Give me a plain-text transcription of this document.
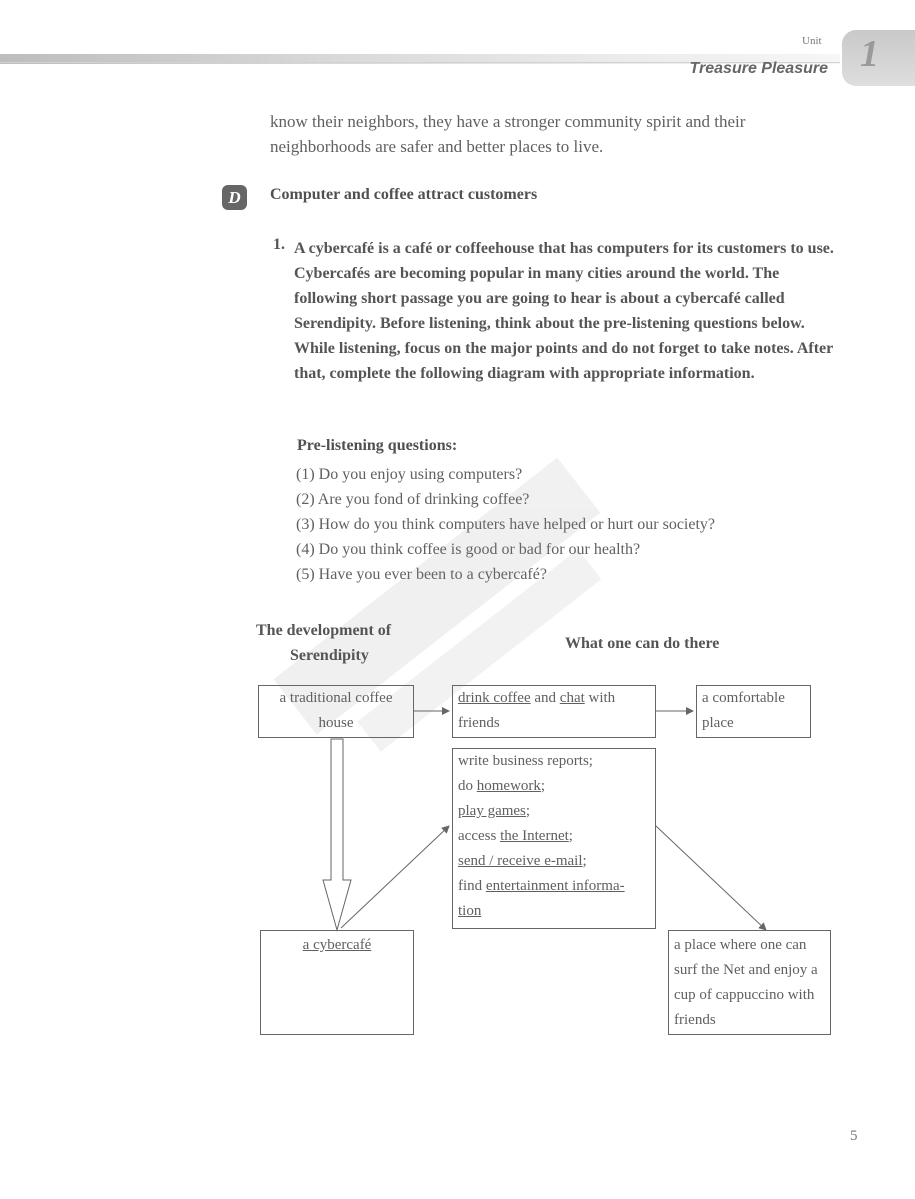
Unit
Treasure Pleasure 1
know their neighbors, they have a stronger community spirit and their neighborhoods are safer and better places to live.
D	Computer and coffee attract customers
1. A cybercafé is a café or coffeehouse that has computers for its customers to use. Cybercafés are becoming popular in many cities around the world. The following short passage you are going to hear is about a cybercafé called Serendipity. Before listening, think about the pre-listening questions below. While listening, focus on the major points and do not forget to take notes. After that, complete the following diagram with appropriate information.

Pre-listening questions:
(1) Do you enjoy using computers?
(2) Are you fond of drinking coffee?
(3) How do you think computers have helped or hurt our society?
(4) Do you think coffee is good or bad for our health?
(5) Have you ever been to a cybercafé?
The development of
Serendipity
What one can do there
a traditional coffee house
drink coffee and chat with friends
a comfortable place
write business reports;
do homework;
play games;
access the Internet;
send / receive e-mail;
find entertainment informa-
tion
a cybercafé	a place where one can surf the Net and enjoy a cup of cappuccino with friends
5
